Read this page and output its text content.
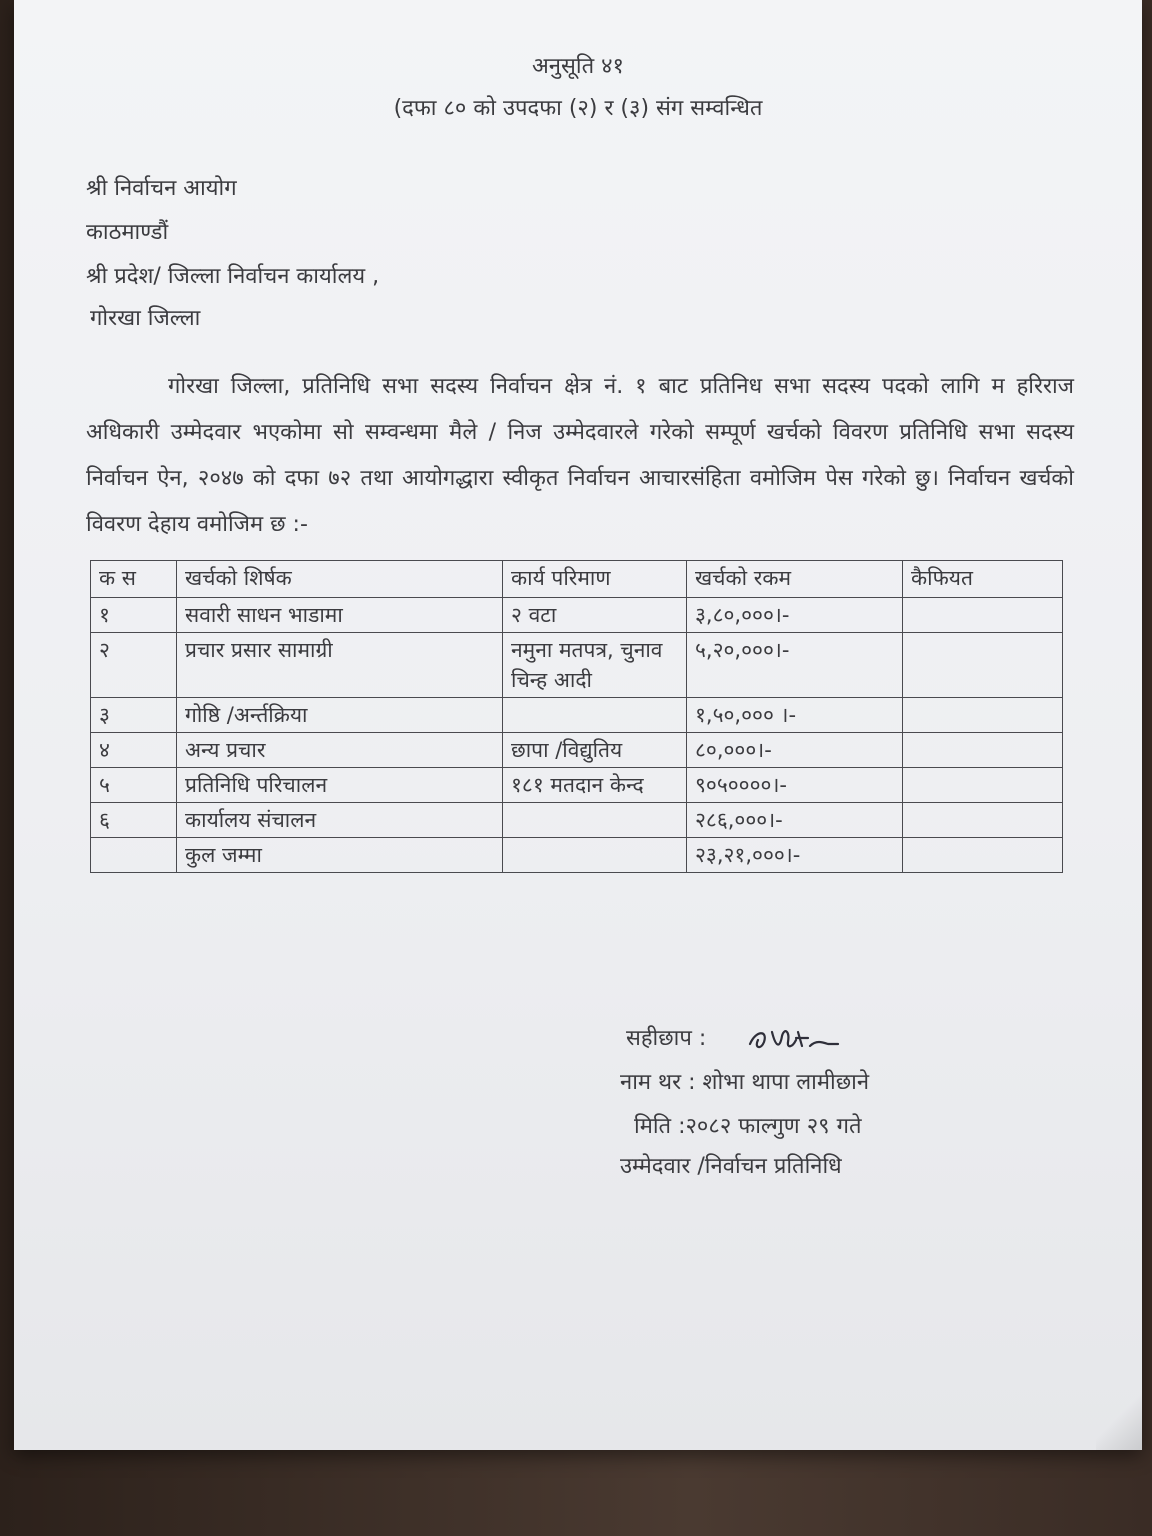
अनुसूति ४१
(दफा ८० को उपदफा (२) र (३) संग सम्वन्धित
श्री निर्वाचन आयोग
काठमाण्डौं
श्री प्रदेश/ जिल्ला निर्वाचन कार्यालय ,
गोरखा जिल्ला
गोरखा जिल्ला, प्रतिनिधि सभा सदस्य निर्वाचन क्षेत्र नं. १ बाट प्रतिनिध सभा सदस्य पदको लागि म हरिराज अधिकारी उम्मेदवार भएकोमा सो सम्वन्धमा मैले / निज उम्मेदवारले गरेको सम्पूर्ण खर्चको विवरण प्रतिनिधि सभा सदस्य निर्वाचन ऐन, २०४७ को दफा ७२ तथा आयोगद्धारा स्वीकृत निर्वाचन आचारसंहिता वमोजिम पेस गरेको छु। निर्वाचन खर्चको विवरण देहाय वमोजिम छ :-
क स	खर्चको शिर्षक	कार्य परिमाण	खर्चको रकम	कैफियत
१	सवारी साधन भाडामा	२ वटा	३,८०,०००।-	
२	प्रचार प्रसार सामाग्री	नमुना मतपत्र, चुनाव चिन्ह आदी	५,२०,०००।-	
३	गोष्ठि /अर्न्तक्रिया		१,५०,००० ।-	
४	अन्य प्रचार	छापा /विद्युतिय	८०,०००।-	
५	प्रतिनिधि परिचालन	१८१ मतदान केन्द	९०५००००।-	
६	कार्यालय संचालन		२८६,०००।-	
	कुल जम्मा		२३,२१,०००।-	
सहीछाप :
नाम थर : शोभा थापा लामीछाने
मिति :२०८२ फाल्गुण २९ गते
उम्मेदवार /निर्वाचन प्रतिनिधि
